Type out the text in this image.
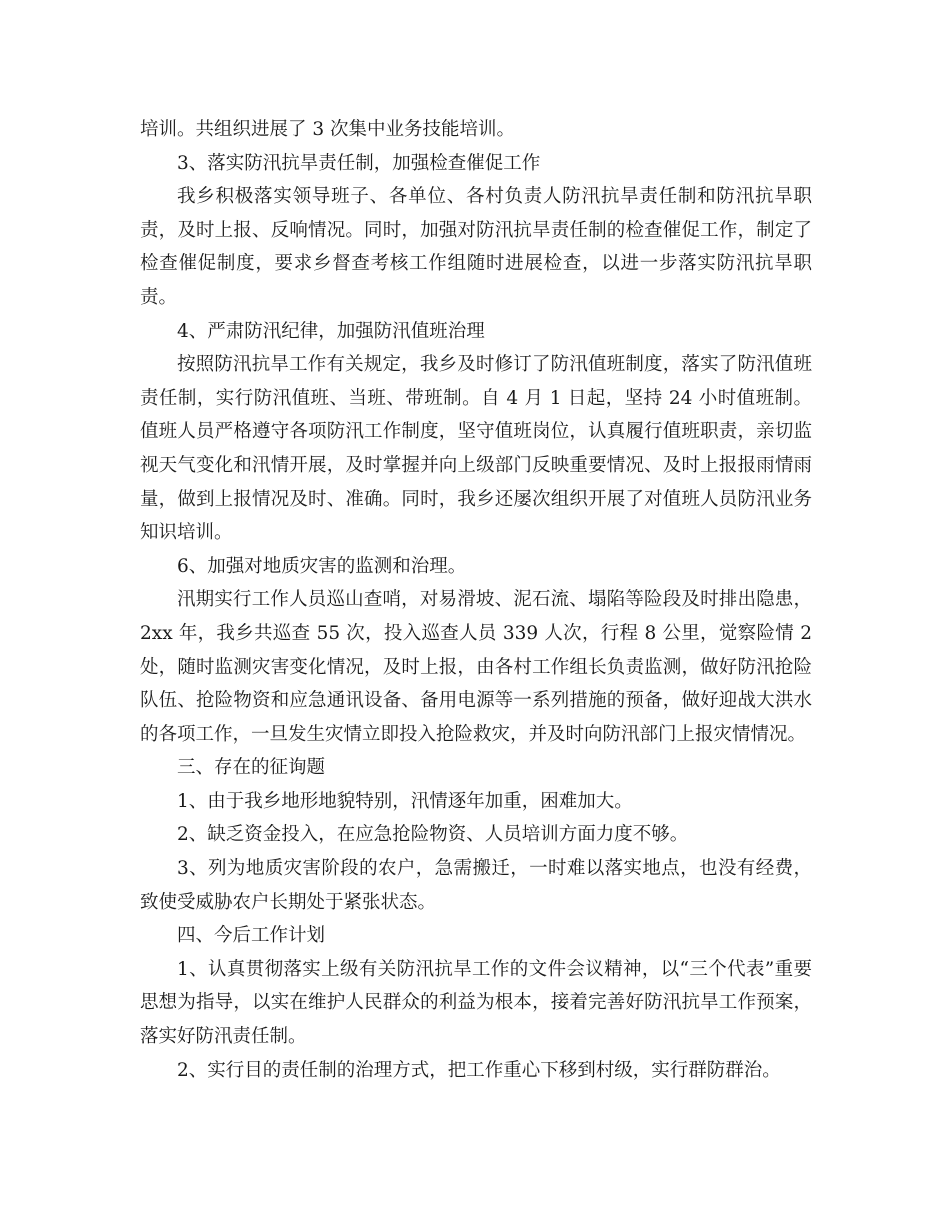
培训。共组织进展了 3 次集中业务技能培训。

3、落实防汛抗旱责任制，加强检查催促工作

我乡积极落实领导班子、各单位、各村负责人防汛抗旱责任制和防汛抗旱职责，及时上报、反响情况。同时，加强对防汛抗旱责任制的检查催促工作，制定了检查催促制度，要求乡督查考核工作组随时进展检查，以进一步落实防汛抗旱职责。

4、严肃防汛纪律，加强防汛值班治理

按照防汛抗旱工作有关规定，我乡及时修订了防汛值班制度，落实了防汛值班责任制，实行防汛值班、当班、带班制。自 4 月 1 日起，坚持 24 小时值班制。值班人员严格遵守各项防汛工作制度，坚守值班岗位，认真履行值班职责，亲切监视天气变化和汛情开展，及时掌握并向上级部门反映重要情况、及时上报报雨情雨量，做到上报情况及时、准确。同时，我乡还屡次组织开展了对值班人员防汛业务知识培训。

6、加强对地质灾害的监测和治理。

汛期实行工作人员巡山查哨，对易滑坡、泥石流、塌陷等险段及时排出隐患，2xx 年，我乡共巡查 55 次，投入巡查人员 339 人次，行程 8 公里，觉察险情 2 处，随时监测灾害变化情况，及时上报，由各村工作组长负责监测，做好防汛抢险队伍、抢险物资和应急通讯设备、备用电源等一系列措施的预备，做好迎战大洪水的各项工作，一旦发生灾情立即投入抢险救灾，并及时向防汛部门上报灾情情况。

三、存在的征询题

1、由于我乡地形地貌特别，汛情逐年加重，困难加大。

2、缺乏资金投入，在应急抢险物资、人员培训方面力度不够。

3、列为地质灾害阶段的农户，急需搬迁，一时难以落实地点，也没有经费，致使受威胁农户长期处于紧张状态。

四、今后工作计划

1、认真贯彻落实上级有关防汛抗旱工作的文件会议精神，以“三个代表”重要思想为指导，以实在维护人民群众的利益为根本，接着完善好防汛抗旱工作预案，落实好防汛责任制。

2、实行目的责任制的治理方式，把工作重心下移到村级，实行群防群治。
